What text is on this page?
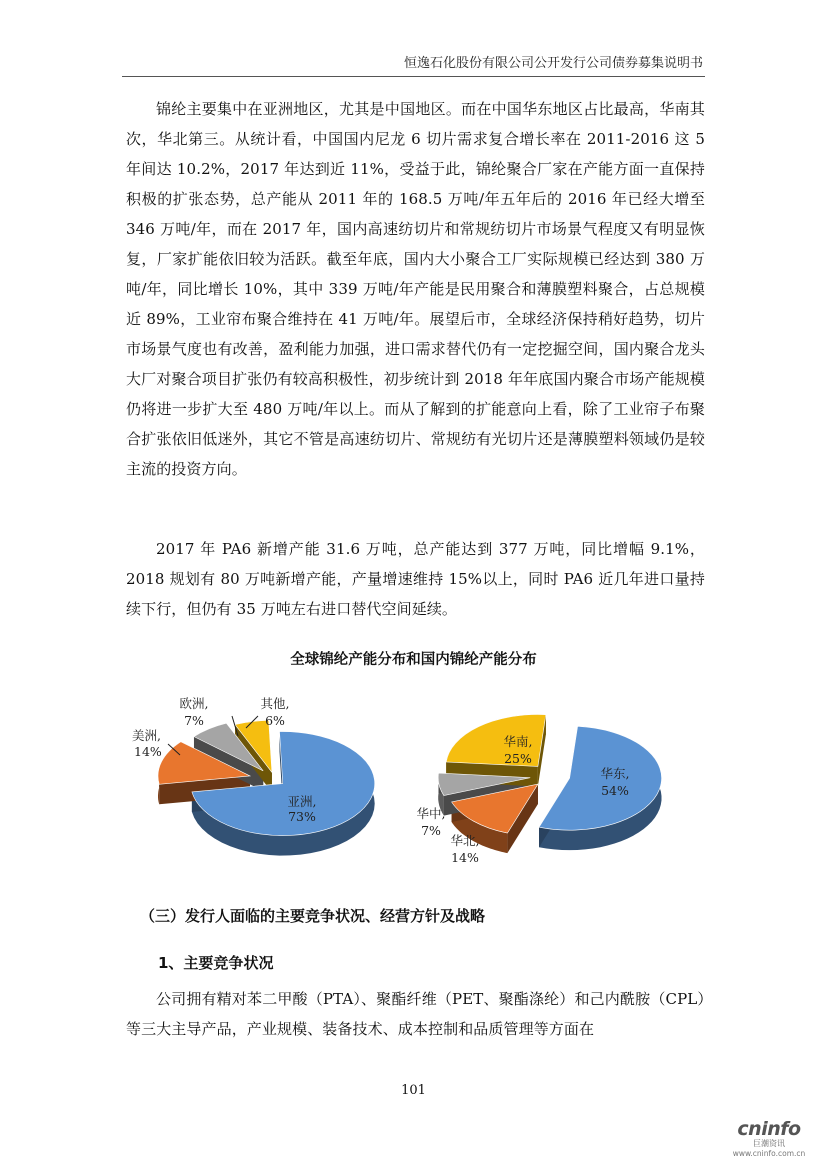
恒逸石化股份有限公司公开发行公司债券募集说明书

锦纶主要集中在亚洲地区，尤其是中国地区。而在中国华东地区占比最高，华南其次，华北第三。从统计看，中国国内尼龙 6 切片需求复合增长率在 2011-2016 这 5 年间达 10.2%，2017 年达到近 11%，受益于此，锦纶聚合厂家在产能方面一直保持积极的扩张态势，总产能从 2011 年的 168.5 万吨/年五年后的 2016 年已经大增至 346 万吨/年，而在 2017 年，国内高速纺切片和常规纺切片市场景气程度又有明显恢复，厂家扩能依旧较为活跃。截至年底，国内大小聚合工厂实际规模已经达到 380 万吨/年，同比增长 10%，其中 339 万吨/年产能是民用聚合和薄膜塑料聚合，占总规模近 89%，工业帘布聚合维持在 41 万吨/年。展望后市，全球经济保持稍好趋势，切片市场景气度也有改善，盈利能力加强，进口需求替代仍有一定挖掘空间，国内聚合龙头大厂对聚合项目扩张仍有较高积极性，初步统计到 2018 年年底国内聚合市场产能规模仍将进一步扩大至 480 万吨/年以上。而从了解到的扩能意向上看，除了工业帘子布聚合扩张依旧低迷外，其它不管是高速纺切片、常规纺有光切片还是薄膜塑料领域仍是较主流的投资方向。

2017 年 PA6 新增产能 31.6 万吨，总产能达到 377 万吨，同比增幅 9.1%，2018 规划有 80 万吨新增产能，产量增速维持 15%以上，同时 PA6 近几年进口量持续下行，但仍有 35 万吨左右进口替代空间延续。

全球锦纶产能分布和国内锦纶产能分布
亚洲,
73%
美洲,
14%
欧洲,
7%
其他,
6%
华东,
54%
华北,
14%
华中,
7%
华南,
25%
（三）发行人面临的主要竞争状况、经营方针及战略
1、主要竞争状况

公司拥有精对苯二甲酸（PTA）、聚酯纤维（PET、聚酯涤纶）和己内酰胺（CPL）等三大主导产品，产业规模、装备技术、成本控制和品质管理等方面在

101
cninfo
巨潮资讯
www.cninfo.com.cn
